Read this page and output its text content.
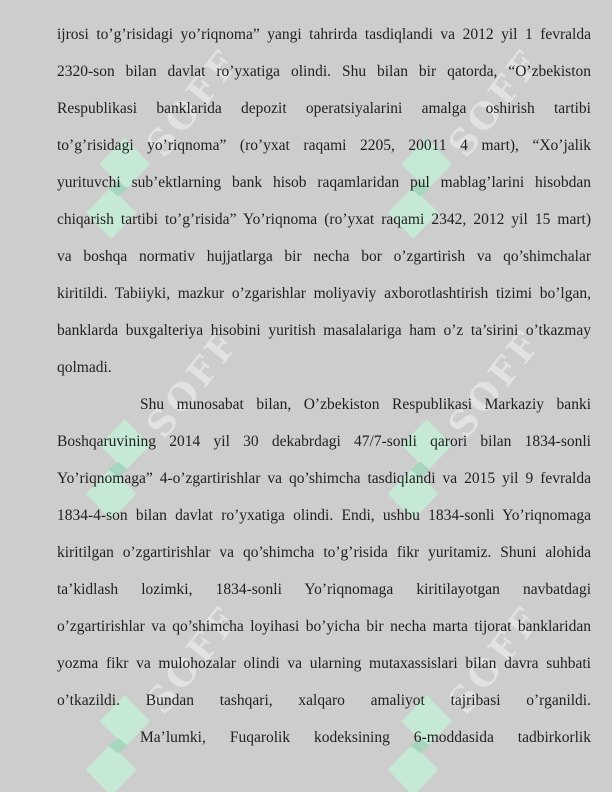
SOFF	SOFF
SOFF	SOFF
SOFF	SOFF
ijrosi to’g’risidagi yo’riqnoma” yangi tahrirda tasdiqlandi va 2012 yil 1 fevralda
2320-son bilan davlat ro’yxatiga olindi. Shu bilan bir qatorda, “O’zbekiston
Respublikasi banklarida depozit operatsiyalarini amalga oshirish tartibi
to’g’risidagi yo’riqnoma” (ro’yxat raqami 2205, 20011 4 mart), “Xo’jalik
yurituvchi sub’ektlarning bank hisob raqamlaridan pul mablag’larini hisobdan
chiqarish tartibi to’g’risida” Yo’riqnoma (ro’yxat raqami 2342, 2012 yil 15 mart)
va boshqa normativ hujjatlarga bir necha bor o’zgartirish va qo’shimchalar
kiritildi. Tabiiyki, mazkur o’zgarishlar moliyaviy axborotlashtirish tizimi bo’lgan,
banklarda buxgalteriya hisobini yuritish masalalariga ham o’z ta’sirini o’tkazmay
qolmadi.
Shu munosabat bilan, O’zbekiston Respublikasi Markaziy banki
Boshqaruvining 2014 yil 30 dekabrdagi 47/7-sonli qarori bilan 1834-sonli
Yo’riqnomaga” 4-o’zgartirishlar va qo’shimcha tasdiqlandi va 2015 yil 9 fevralda
1834-4-son bilan davlat ro’yxatiga olindi. Endi, ushbu 1834-sonli Yo’riqnomaga
kiritilgan o’zgartirishlar va qo’shimcha to’g’risida fikr yuritamiz. Shuni alohida
ta’kidlash lozimki, 1834-sonli Yo’riqnomaga kiritilayotgan navbatdagi
o’zgartirishlar va qo’shimcha loyihasi bo’yicha bir necha marta tijorat banklaridan
yozma fikr va mulohozalar olindi va ularning mutaxassislari bilan davra suhbati
o’tkazildi. Bundan tashqari, xalqaro amaliyot tajribasi o’rganildi.
Ma’lumki, Fuqarolik kodeksining 6-moddasida tadbirkorlik
